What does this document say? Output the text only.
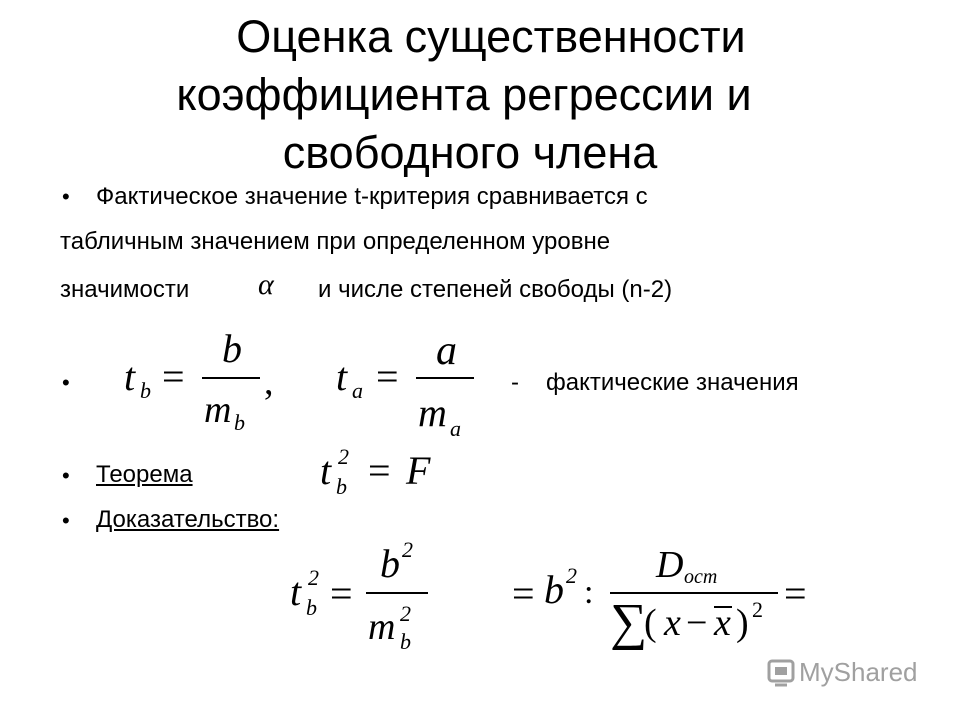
Оценка существенности
коэффициента регрессии и
свободного члена
• Фактическое значение t-критерия сравнивается с
табличным значением при определенном уровне
значимости α и числе степеней свободы (n-2)
• t b =
b
m b
, t a =
a
m a
- фактические значения
• Теорема	t 2
b = F
• Доказательство:
t 2
b =
b 2
m 2
b
= b 2 :
D ост
∑
( x − x ) 2 =
MyShared
